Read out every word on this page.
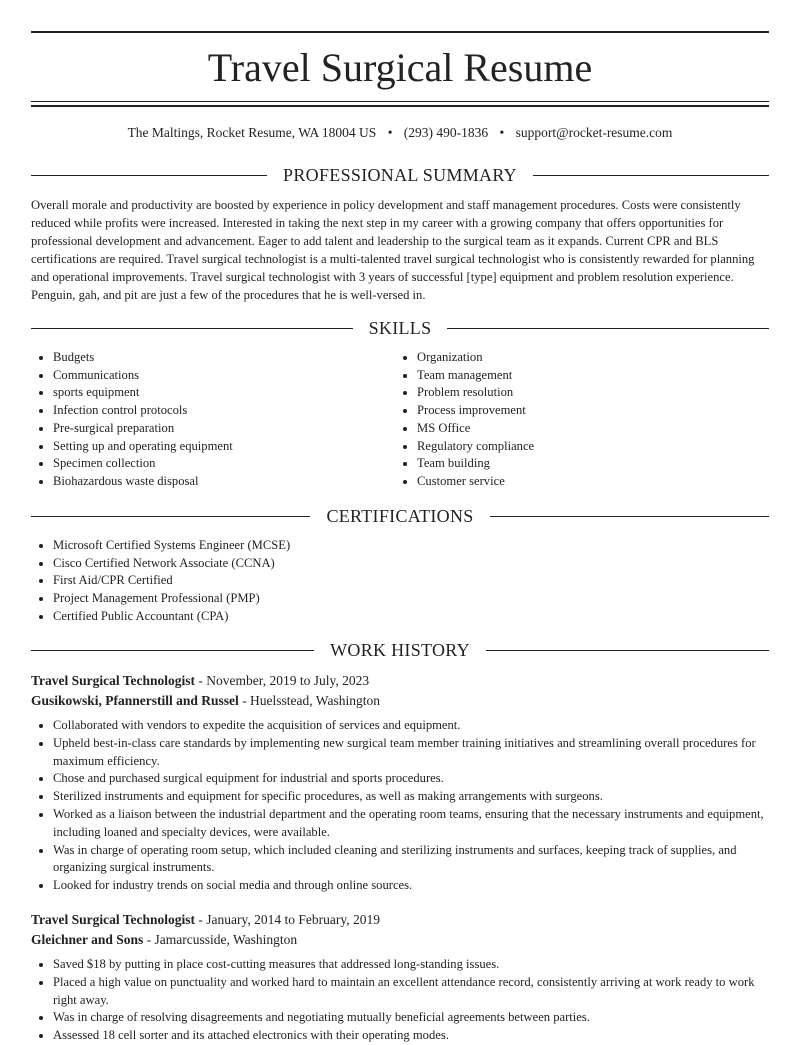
Travel Surgical Resume
The Maltings, Rocket Resume, WA 18004 US • (293) 490-1836 • support@rocket-resume.com
PROFESSIONAL SUMMARY

Overall morale and productivity are boosted by experience in policy development and staff management procedures. Costs were consistently reduced while profits were increased. Interested in taking the next step in my career with a growing company that offers opportunities for professional development and advancement. Eager to add talent and leadership to the surgical team as it expands. Current CPR and BLS certifications are required. Travel surgical technologist is a multi-talented travel surgical technologist who is consistently rewarded for planning and operational improvements. Travel surgical technologist with 3 years of successful [type] equipment and problem resolution experience. Penguin, gah, and pit are just a few of the procedures that he is well-versed in.

SKILLS
• Budgets
• Communications
• sports equipment
• Infection control protocols
• Pre-surgical preparation
• Setting up and operating equipment
• Specimen collection
• Biohazardous waste disposal
• Organization
• Team management
• Problem resolution
• Process improvement
• MS Office
• Regulatory compliance
• Team building
• Customer service
CERTIFICATIONS
• Microsoft Certified Systems Engineer (MCSE)
• Cisco Certified Network Associate (CCNA)
• First Aid/CPR Certified
• Project Management Professional (PMP)
• Certified Public Accountant (CPA)
WORK HISTORY
Travel Surgical Technologist - November, 2019 to July, 2023
Gusikowski, Pfannerstill and Russel - Huelsstead, Washington
• Collaborated with vendors to expedite the acquisition of services and equipment.
• Upheld best-in-class care standards by implementing new surgical team member training initiatives and streamlining overall procedures for maximum efficiency.
• Chose and purchased surgical equipment for industrial and sports procedures.
• Sterilized instruments and equipment for specific procedures, as well as making arrangements with surgeons.
• Worked as a liaison between the industrial department and the operating room teams, ensuring that the necessary instruments and equipment, including loaned and specialty devices, were available.
• Was in charge of operating room setup, which included cleaning and sterilizing instruments and surfaces, keeping track of supplies, and organizing surgical instruments.
• Looked for industry trends on social media and through online sources.
Travel Surgical Technologist - January, 2014 to February, 2019
Gleichner and Sons - Jamarcusside, Washington
• Saved $18 by putting in place cost-cutting measures that addressed long-standing issues.
• Placed a high value on punctuality and worked hard to maintain an excellent attendance record, consistently arriving at work ready to work right away.
• Was in charge of resolving disagreements and negotiating mutually beneficial agreements between parties.
• Assessed 18 cell sorter and its attached electronics with their operating modes.
